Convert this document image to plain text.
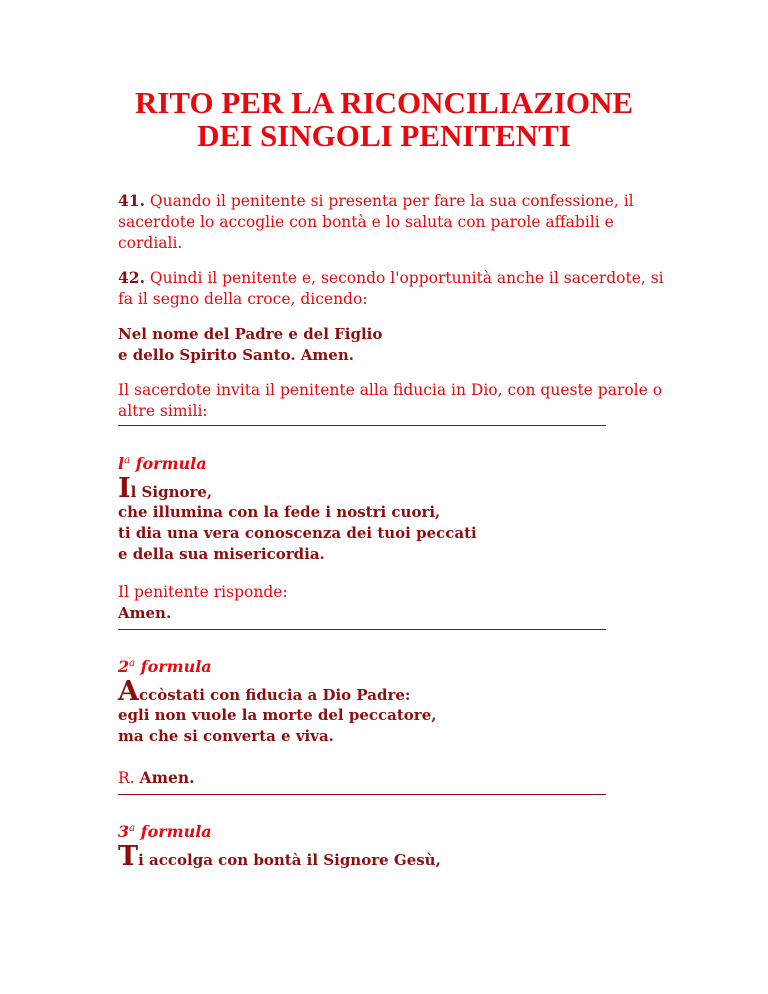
RITO PER LA RICONCILIAZIONE
DEI SINGOLI PENITENTI

41. Quando il penitente si presenta per fare la sua confessione, il sacerdote lo accoglie con bontà e lo saluta con parole affabili e cordiali.

42. Quindi il penitente e, secondo l'opportunità anche il sacerdote, si fa il segno della croce, dicendo:

Nel nome del Padre e del Figlio
e dello Spirito Santo. Amen.

Il sacerdote invita il penitente alla fiducia in Dio, con queste parole o altre simili:

$l^a$ formula

Il Signore,

che illumina con la fede i nostri cuori,
ti dia una vera conoscenza dei tuoi peccati
e della sua misericordia.

Il penitente risponde:

Amen.

2$^a$ formula

Accòstati con fiducia a Dio Padre:

egli non vuole la morte del peccatore,
ma che si converta e viva.

R. Amen.

3$^a$ formula

Ti accolga con bontà il Signore Gesù,
